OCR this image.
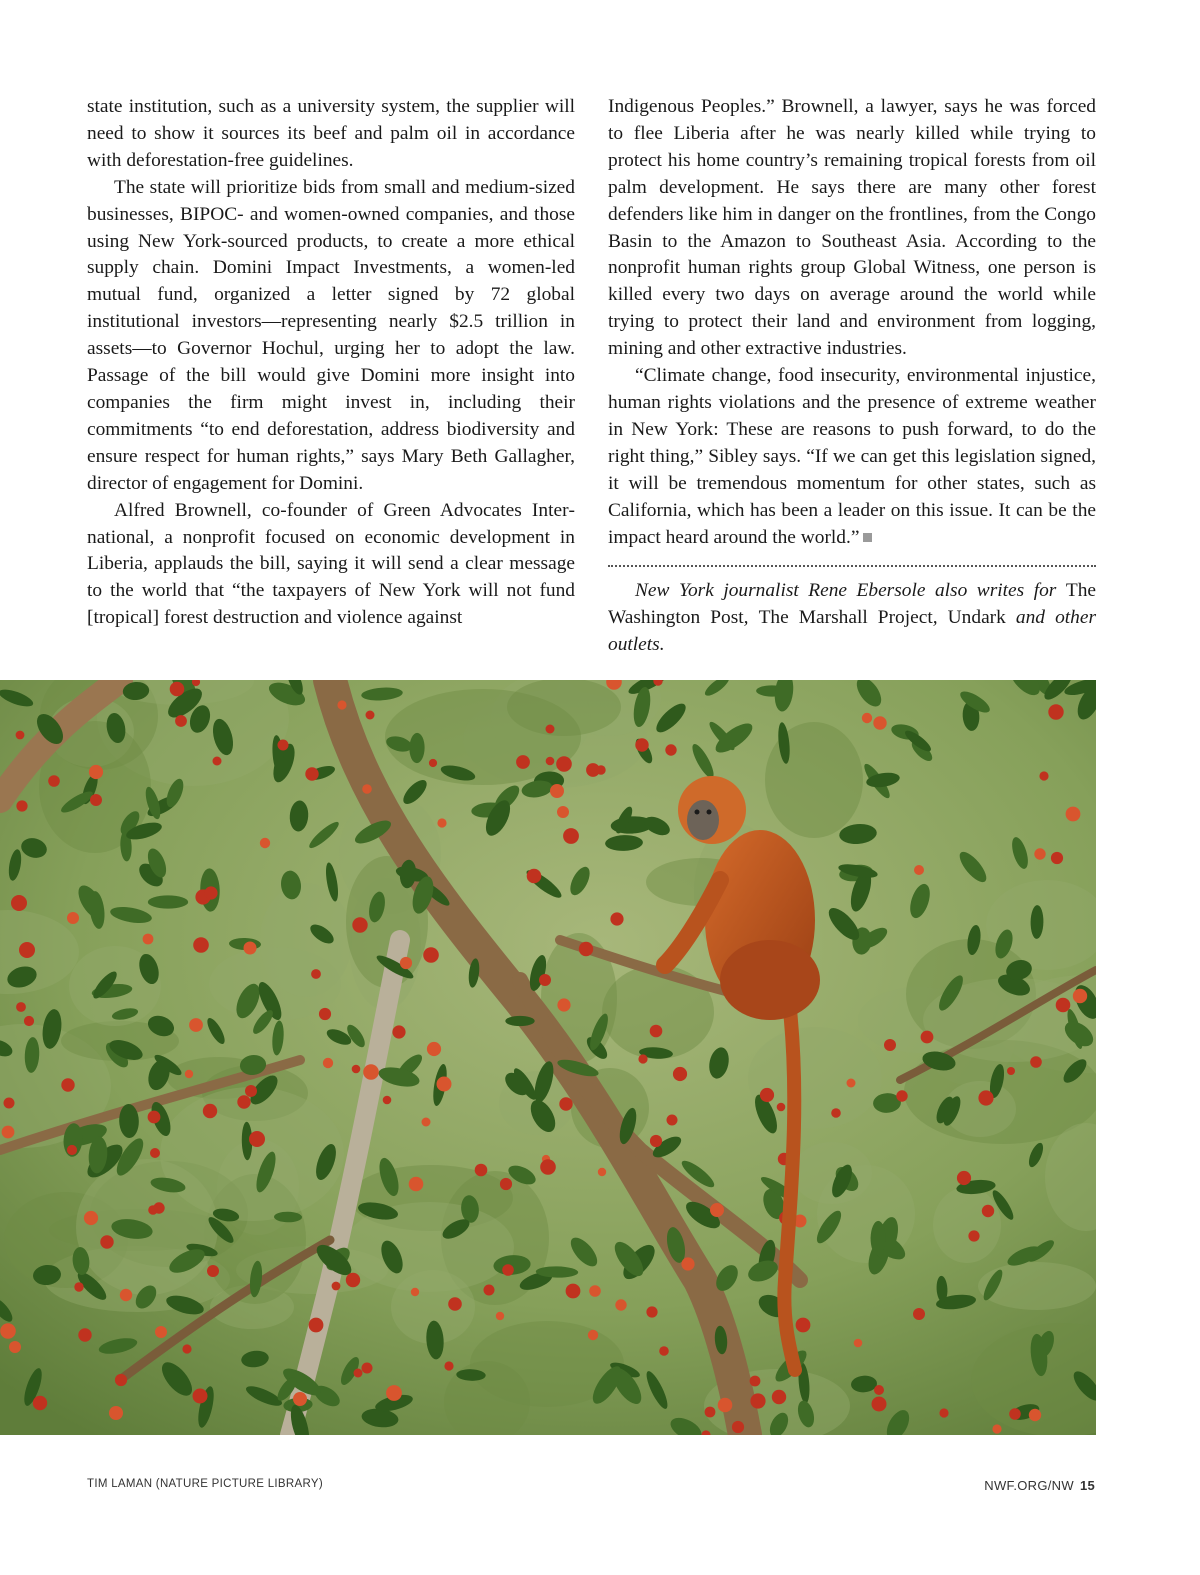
state institution, such as a university system, the supplier will need to show it sources its beef and palm oil in accordance with deforestation-free guidelines.

The state will prioritize bids from small and medium-sized businesses, BIPOC- and women-owned companies, and those using New York-sourced products, to create a more ethical supply chain. Domini Impact Investments, a women-led mutual fund, organized a letter signed by 72 global institutional investors—representing nearly $2.5 trillion in assets—to Governor Hochul, urging her to adopt the law. Passage of the bill would give Domini more insight into companies the firm might invest in, including their commitments “to end deforestation, address biodiversity and ensure respect for human rights,” says Mary Beth Gallagher, director of engagement for Domini.

Alfred Brownell, co-founder of Green Advocates International, a nonprofit focused on economic development in Liberia, applauds the bill, saying it will send a clear message to the world that “the taxpayers of New York will not fund [tropical] forest destruction and violence against

Indigenous Peoples.” Brownell, a lawyer, says he was forced to flee Liberia after he was nearly killed while trying to protect his home country’s remaining tropical forests from oil palm development. He says there are many other forest defenders like him in danger on the frontlines, from the Congo Basin to the Amazon to Southeast Asia. According to the nonprofit human rights group Global Witness, one person is killed every two days on average around the world while trying to protect their land and environment from logging, mining and other extractive industries.

“Climate change, food insecurity, environmental injustice, human rights violations and the presence of extreme weather in New York: These are reasons to push forward, to do the right thing,” Sibley says. “If we can get this legislation signed, it will be tremendous momentum for other states, such as California, which has been a leader on this issue. It can be the impact heard around the world.”

New York journalist Rene Ebersole also writes for The Washington Post, The Marshall Project, Undark and other outlets.

TIM LAMAN (NATURE PICTURE LIBRARY)	NWF.ORG/NW 15
